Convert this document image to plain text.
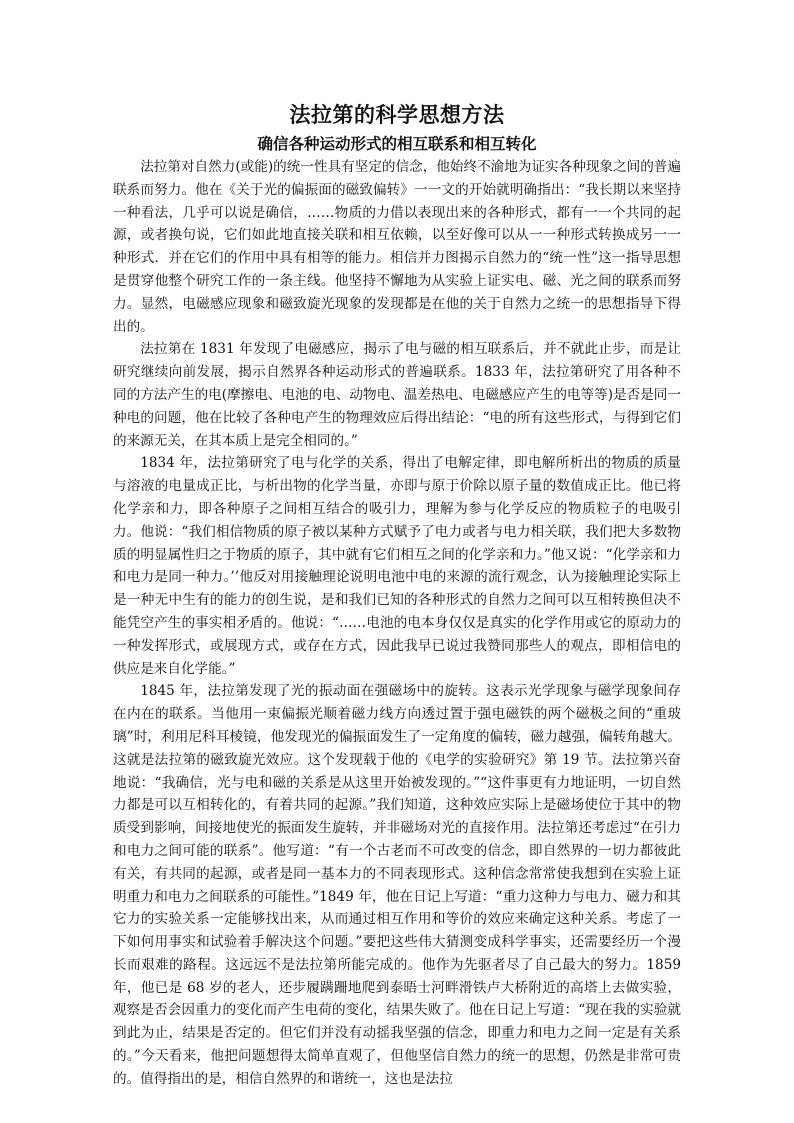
法拉第的科学思想方法
确信各种运动形式的相互联系和相互转化

法拉第对自然力(或能)的统一性具有坚定的信念，他始终不渝地为证实各种现象之间的普遍联系而努力。他在《关于光的偏振面的磁致偏转》一一文的开始就明确指出：“我长期以来坚持一种看法，几乎可以说是确信，……物质的力借以表现出来的各种形式，都有一一个共同的起源，或者换句说，它们如此地直接关联和相互依赖，以至好像可以从一一种形式转换成另一一种形式．并在它们的作用中具有相等的能力。相信并力图揭示自然力的“统一性”这一指导思想是贯穿他整个研究工作的一条主线。他坚持不懈地为从实验上证实电、磁、光之间的联系而努力。显然，电磁感应现象和磁致旋光现象的发现都是在他的关于自然力之统一的思想指导下得出的。

法拉第在 1831 年发现了电磁感应，揭示了电与磁的相互联系后，并不就此止步，而是让研究继续向前发展，揭示自然界各种运动形式的普遍联系。1833 年，法拉第研究了用各种不同的方法产生的电(摩擦电、电池的电、动物电、温差热电、电磁感应产生的电等等)是否是同一种电的问题，他在比较了各种电产生的物理效应后得出结论：“电的所有这些形式，与得到它们的来源无关，在其本质上是完全相同的。”

1834 年，法拉第研究了电与化学的关系，得出了电解定律，即电解所析出的物质的质量与溶液的电量成正比，与析出物的化学当量，亦即与原于价除以原子量的数值成正比。他已将化学亲和力，即各种原子之间相互结合的吸引力，理解为参与化学反应的物质粒子的电吸引力。他说：“我们相信物质的原子被以某种方式赋予了电力或者与电力相关联，我们把大多数物质的明显属性归之于物质的原子，其中就有它们相互之间的化学亲和力。”他又说：“化学亲和力和电力是同一种力。’’他反对用接触理论说明电池中电的来源的流行观念，认为接触理论实际上是一种无中生有的能力的创生说，是和我们已知的各种形式的自然力之间可以互相转换但决不能凭空产生的事实相矛盾的。他说：“……电池的电本身仅仅是真实的化学作用或它的原动力的一种发挥形式，或展现方式，或存在方式，因此我早已说过我赞同那些人的观点，即相信电的供应是来自化学能。”

1845 年，法拉第发现了光的振动面在强磁场中的旋转。这表示光学现象与磁学现象间存在内在的联系。当他用一束偏振光顺着磁力线方向透过置于强电磁铁的两个磁极之间的“重玻璃”时，利用尼科耳棱镜，他发现光的偏振面发生了一定角度的偏转，磁力越强，偏转角越大。这就是法拉第的磁致旋光效应。这个发现载于他的《电学的实验研究》第 19 节。法拉第兴奋地说：“我确信，光与电和磁的关系是从这里开始被发现的。”“这件事更有力地证明，一切自然力都是可以互相转化的，有着共同的起源。”我们知道，这种效应实际上是磁场使位于其中的物质受到影响，间接地使光的振面发生旋转，并非磁场对光的直接作用。法拉第还考虑过“在引力和电力之间可能的联系”。他写道：“有一个古老而不可改变的信念，即自然界的一切力都彼此有关，有共同的起源，或者是同一基本力的不同表现形式。这种信念常常使我想到在实验上证明重力和电力之间联系的可能性。”1849 年，他在日记上写道：“重力这种力与电力、磁力和其它力的实验关系一定能够找出来，从而通过相互作用和等价的效应来确定这种关系。考虑了一下如何用事实和试验着手解决这个问题。”要把这些伟大猜测变成科学事实，还需要经历一个漫长而艰难的路程。这远远不是法拉第所能完成的。他作为先驱者尽了自己最大的努力。1859 年，他已是 68 岁的老人，还步履蹒跚地爬到泰晤士河畔滑铁卢大桥附近的高塔上去做实验，观察是否会因重力的变化而产生电荷的变化，结果失败了。他在日记上写道：“现在我的实验就到此为止，结果是否定的。但它们并没有动摇我坚强的信念，即重力和电力之间一定是有关系的。”今天看来，他把问题想得太简单直观了，但他坚信自然力的统一的思想，仍然是非常可贵的。值得指出的是，相信自然界的和谐统一，这也是法拉
